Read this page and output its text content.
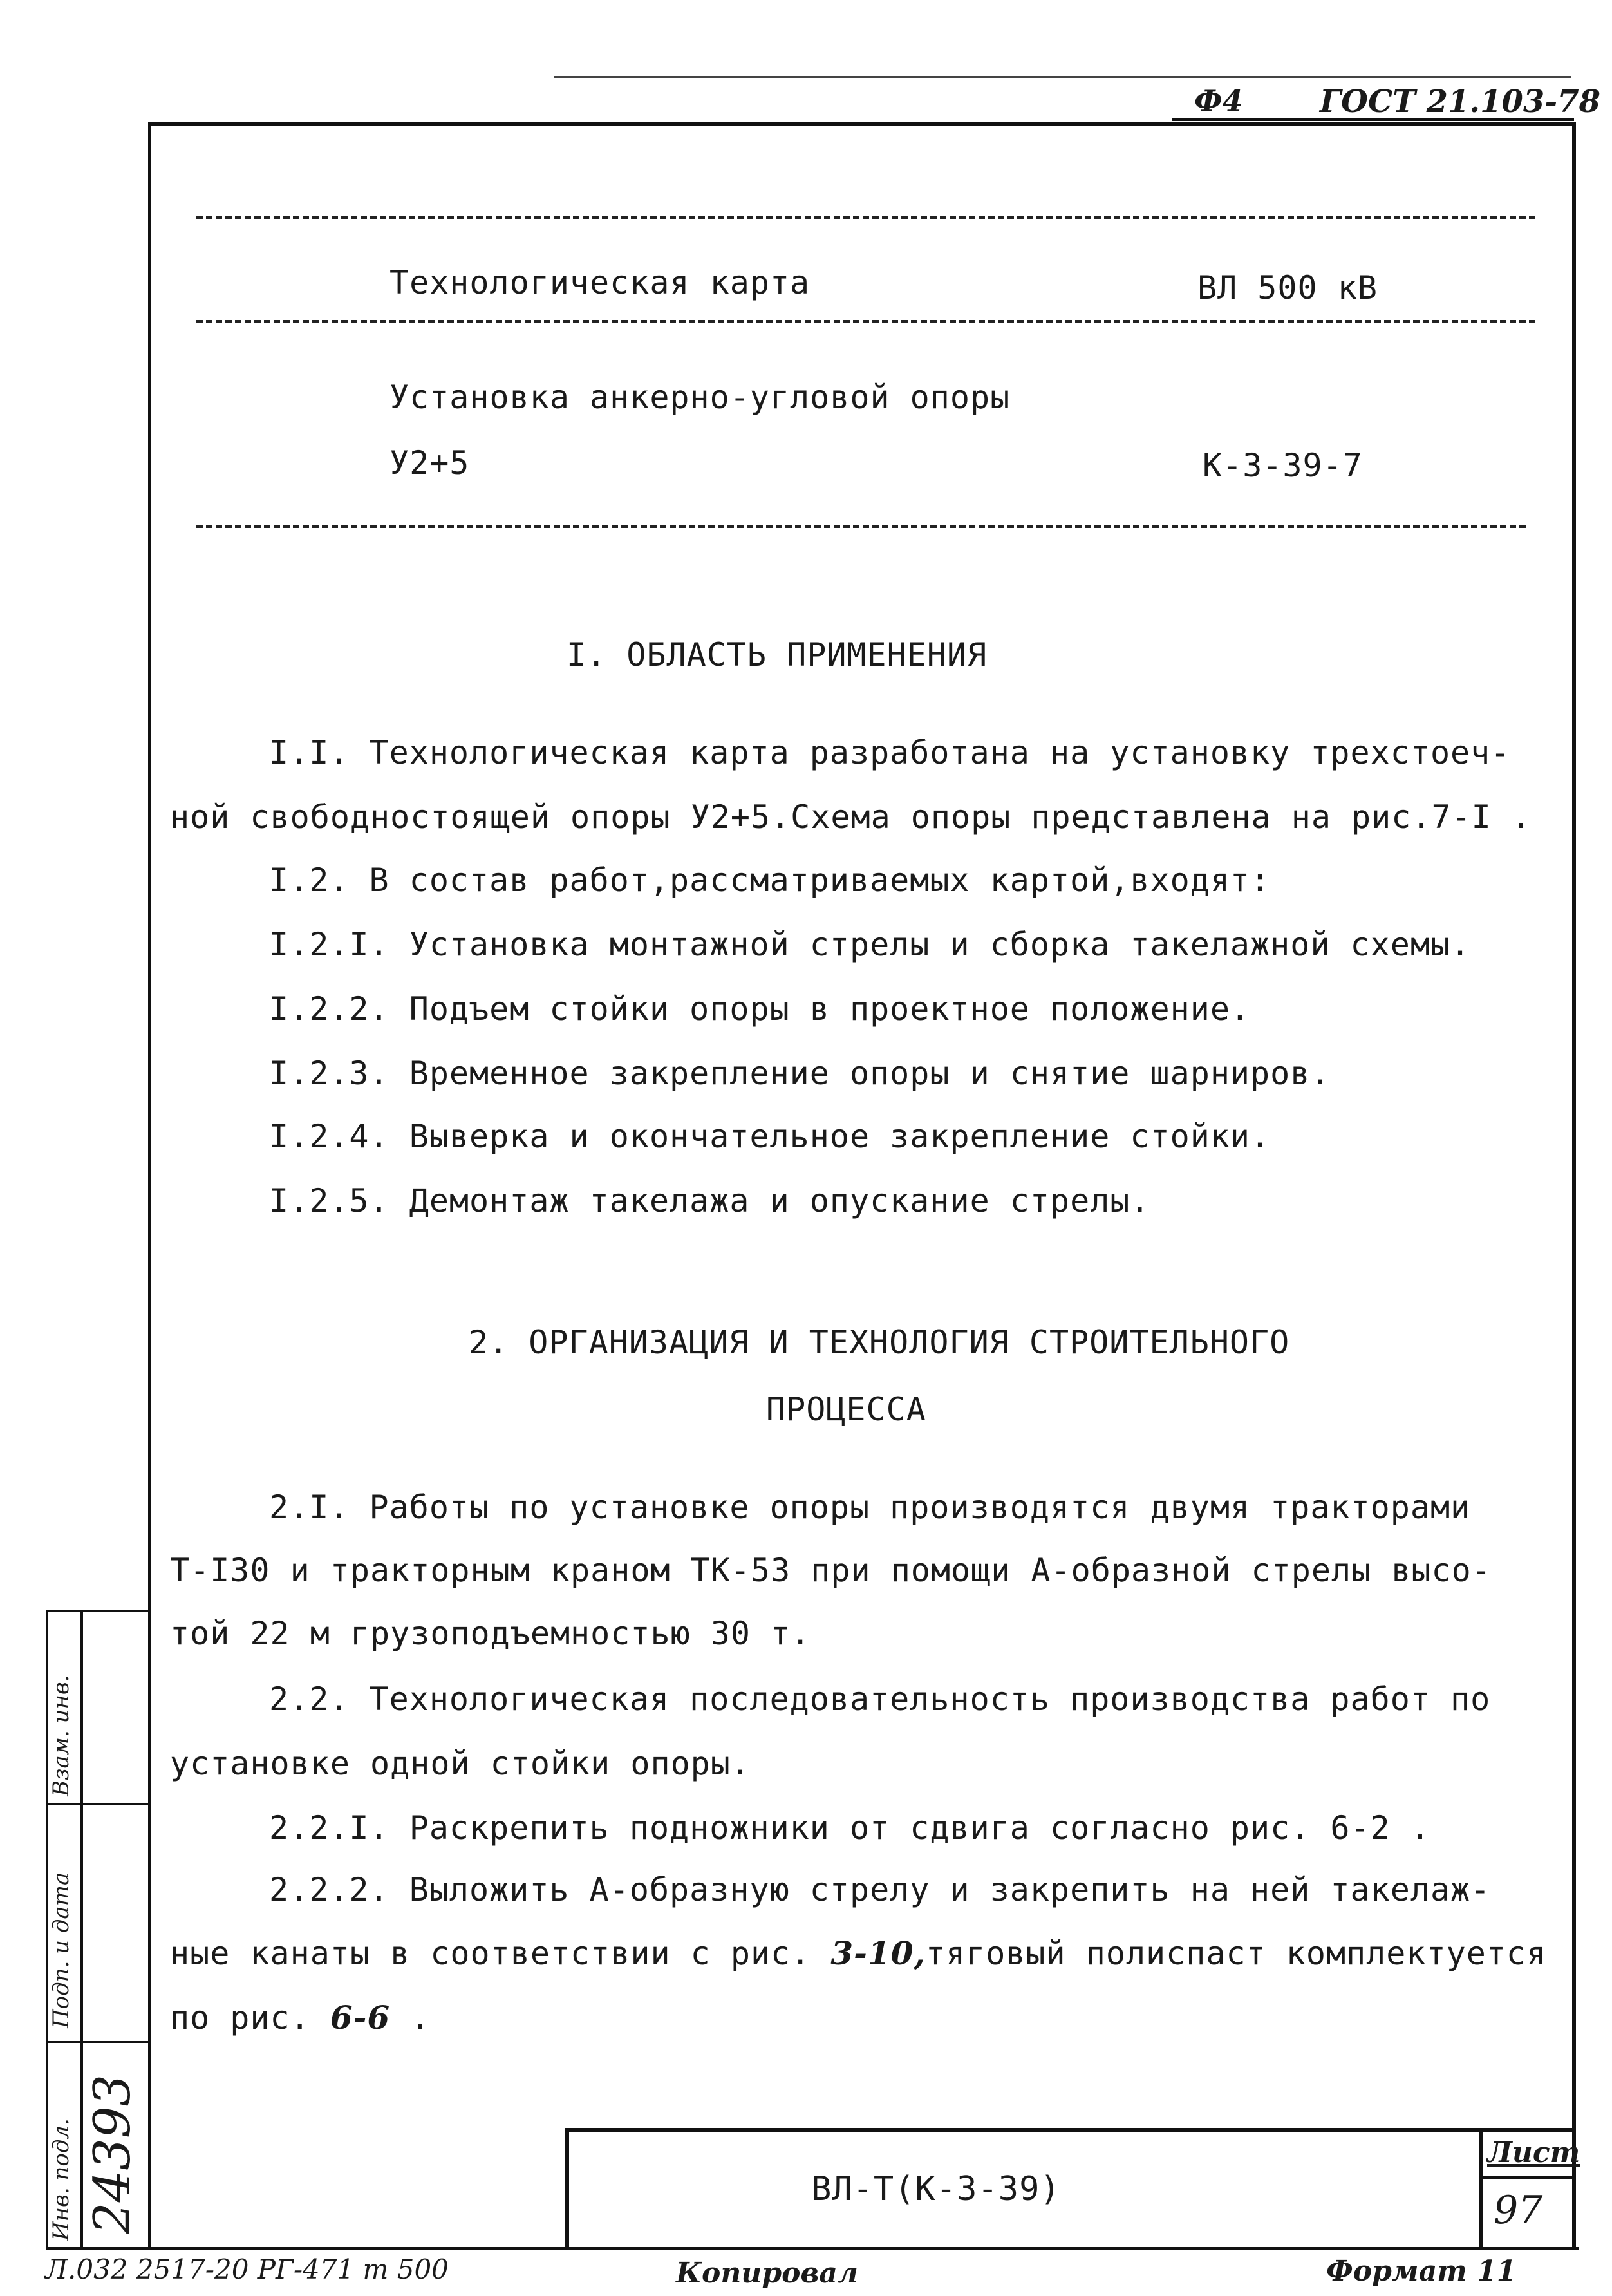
Ф4 ГОСТ 21.103-78
Технологическая карта	ВЛ 500 кВ
Установка анкерно-угловой опоры
У2+5	К-3-39-7
I. ОБЛАСТЬ ПРИМЕНЕНИЯ
I.I. Технологическая карта разработана на установку трехстоеч-
ной свободностоящей опоры У2+5.Схема опоры представлена на рис.7-I .
I.2. В состав работ,рассматриваемых картой,входят:
I.2.I. Установка монтажной стрелы и сборка такелажной схемы.
I.2.2. Подъем стойки опоры в проектное положение.
I.2.3. Временное закрепление опоры и снятие шарниров.
I.2.4. Выверка и окончательное закрепление стойки.
I.2.5. Демонтаж такелажа и опускание стрелы.
2. ОРГАНИЗАЦИЯ И ТЕХНОЛОГИЯ СТРОИТЕЛЬНОГО
ПРОЦЕССА
2.I. Работы по установке опоры производятся двумя тракторами
Т-I30 и тракторным краном ТК-53 при помощи А-образной стрелы высо-
той 22 м грузоподъемностью 30 т.
2.2. Технологическая последовательность производства работ по
установке одной стойки опоры.
2.2.I. Раскрепить подножники от сдвига согласно рис. 6-2 .
2.2.2. Выложить А-образную стрелу и закрепить на ней такелаж-
ные канаты в соответствии с рис. 3-10,тяговый полиспаст комплектуется
по рис. 6-6 .
ВЛ-Т(К-3-39)
Лист
97
Инв. подл. 24393
Подп. и дата
Взам. инв.
Л.032 2517-20 РГ-471 т 500	Копировал	Формат 11
